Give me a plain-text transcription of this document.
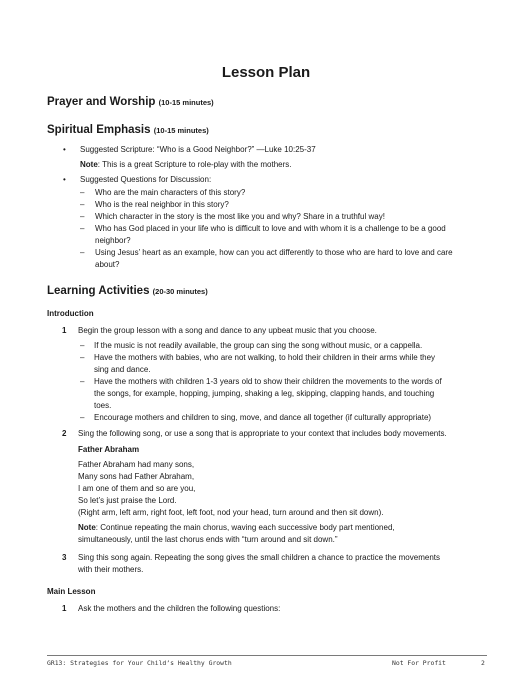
Lesson Plan
Prayer and Worship (10-15 minutes)
Spiritual Emphasis (10-15 minutes)
• Suggested Scripture: “Who is a Good Neighbor?” —Luke 10:25-37
Note: This is a great Scripture to role-play with the mothers.
• Suggested Questions for Discussion:
– Who are the main characters of this story?
– Who is the real neighbor in this story?
– Which character in the story is the most like you and why? Share in a truthful way!
– Who has God placed in your life who is difficult to love and with whom it is a challenge to be a good
neighbor?
– Using Jesus’ heart as an example, how can you act differently to those who are hard to love and care
about?
Learning Activities (20-30 minutes)
Introduction
1 Begin the group lesson with a song and dance to any upbeat music that you choose.
– If the music is not readily available, the group can sing the song without music, or a cappella.
– Have the mothers with babies, who are not walking, to hold their children in their arms while they
sing and dance.
– Have the mothers with children 1-3 years old to show their children the movements to the words of
the songs, for example, hopping, jumping, shaking a leg, skipping, clapping hands, and touching
toes.
– Encourage mothers and children to sing, move, and dance all together (if culturally appropriate)
2 Sing the following song, or use a song that is appropriate to your context that includes body movements.
Father Abraham
Father Abraham had many sons,
Many sons had Father Abraham,
I am one of them and so are you,
So let’s just praise the Lord.
(Right arm, left arm, right foot, left foot, nod your head, turn around and then sit down).
Note: Continue repeating the main chorus, waving each successive body part mentioned,
simultaneously, until the last chorus ends with “turn around and sit down.”
3 Sing this song again. Repeating the song gives the small children a chance to practice the movements
with their mothers.
Main Lesson
1 Ask the mothers and the children the following questions:
GR13: Strategies for Your Child’s Healthy Growth	Not For Profit	2
